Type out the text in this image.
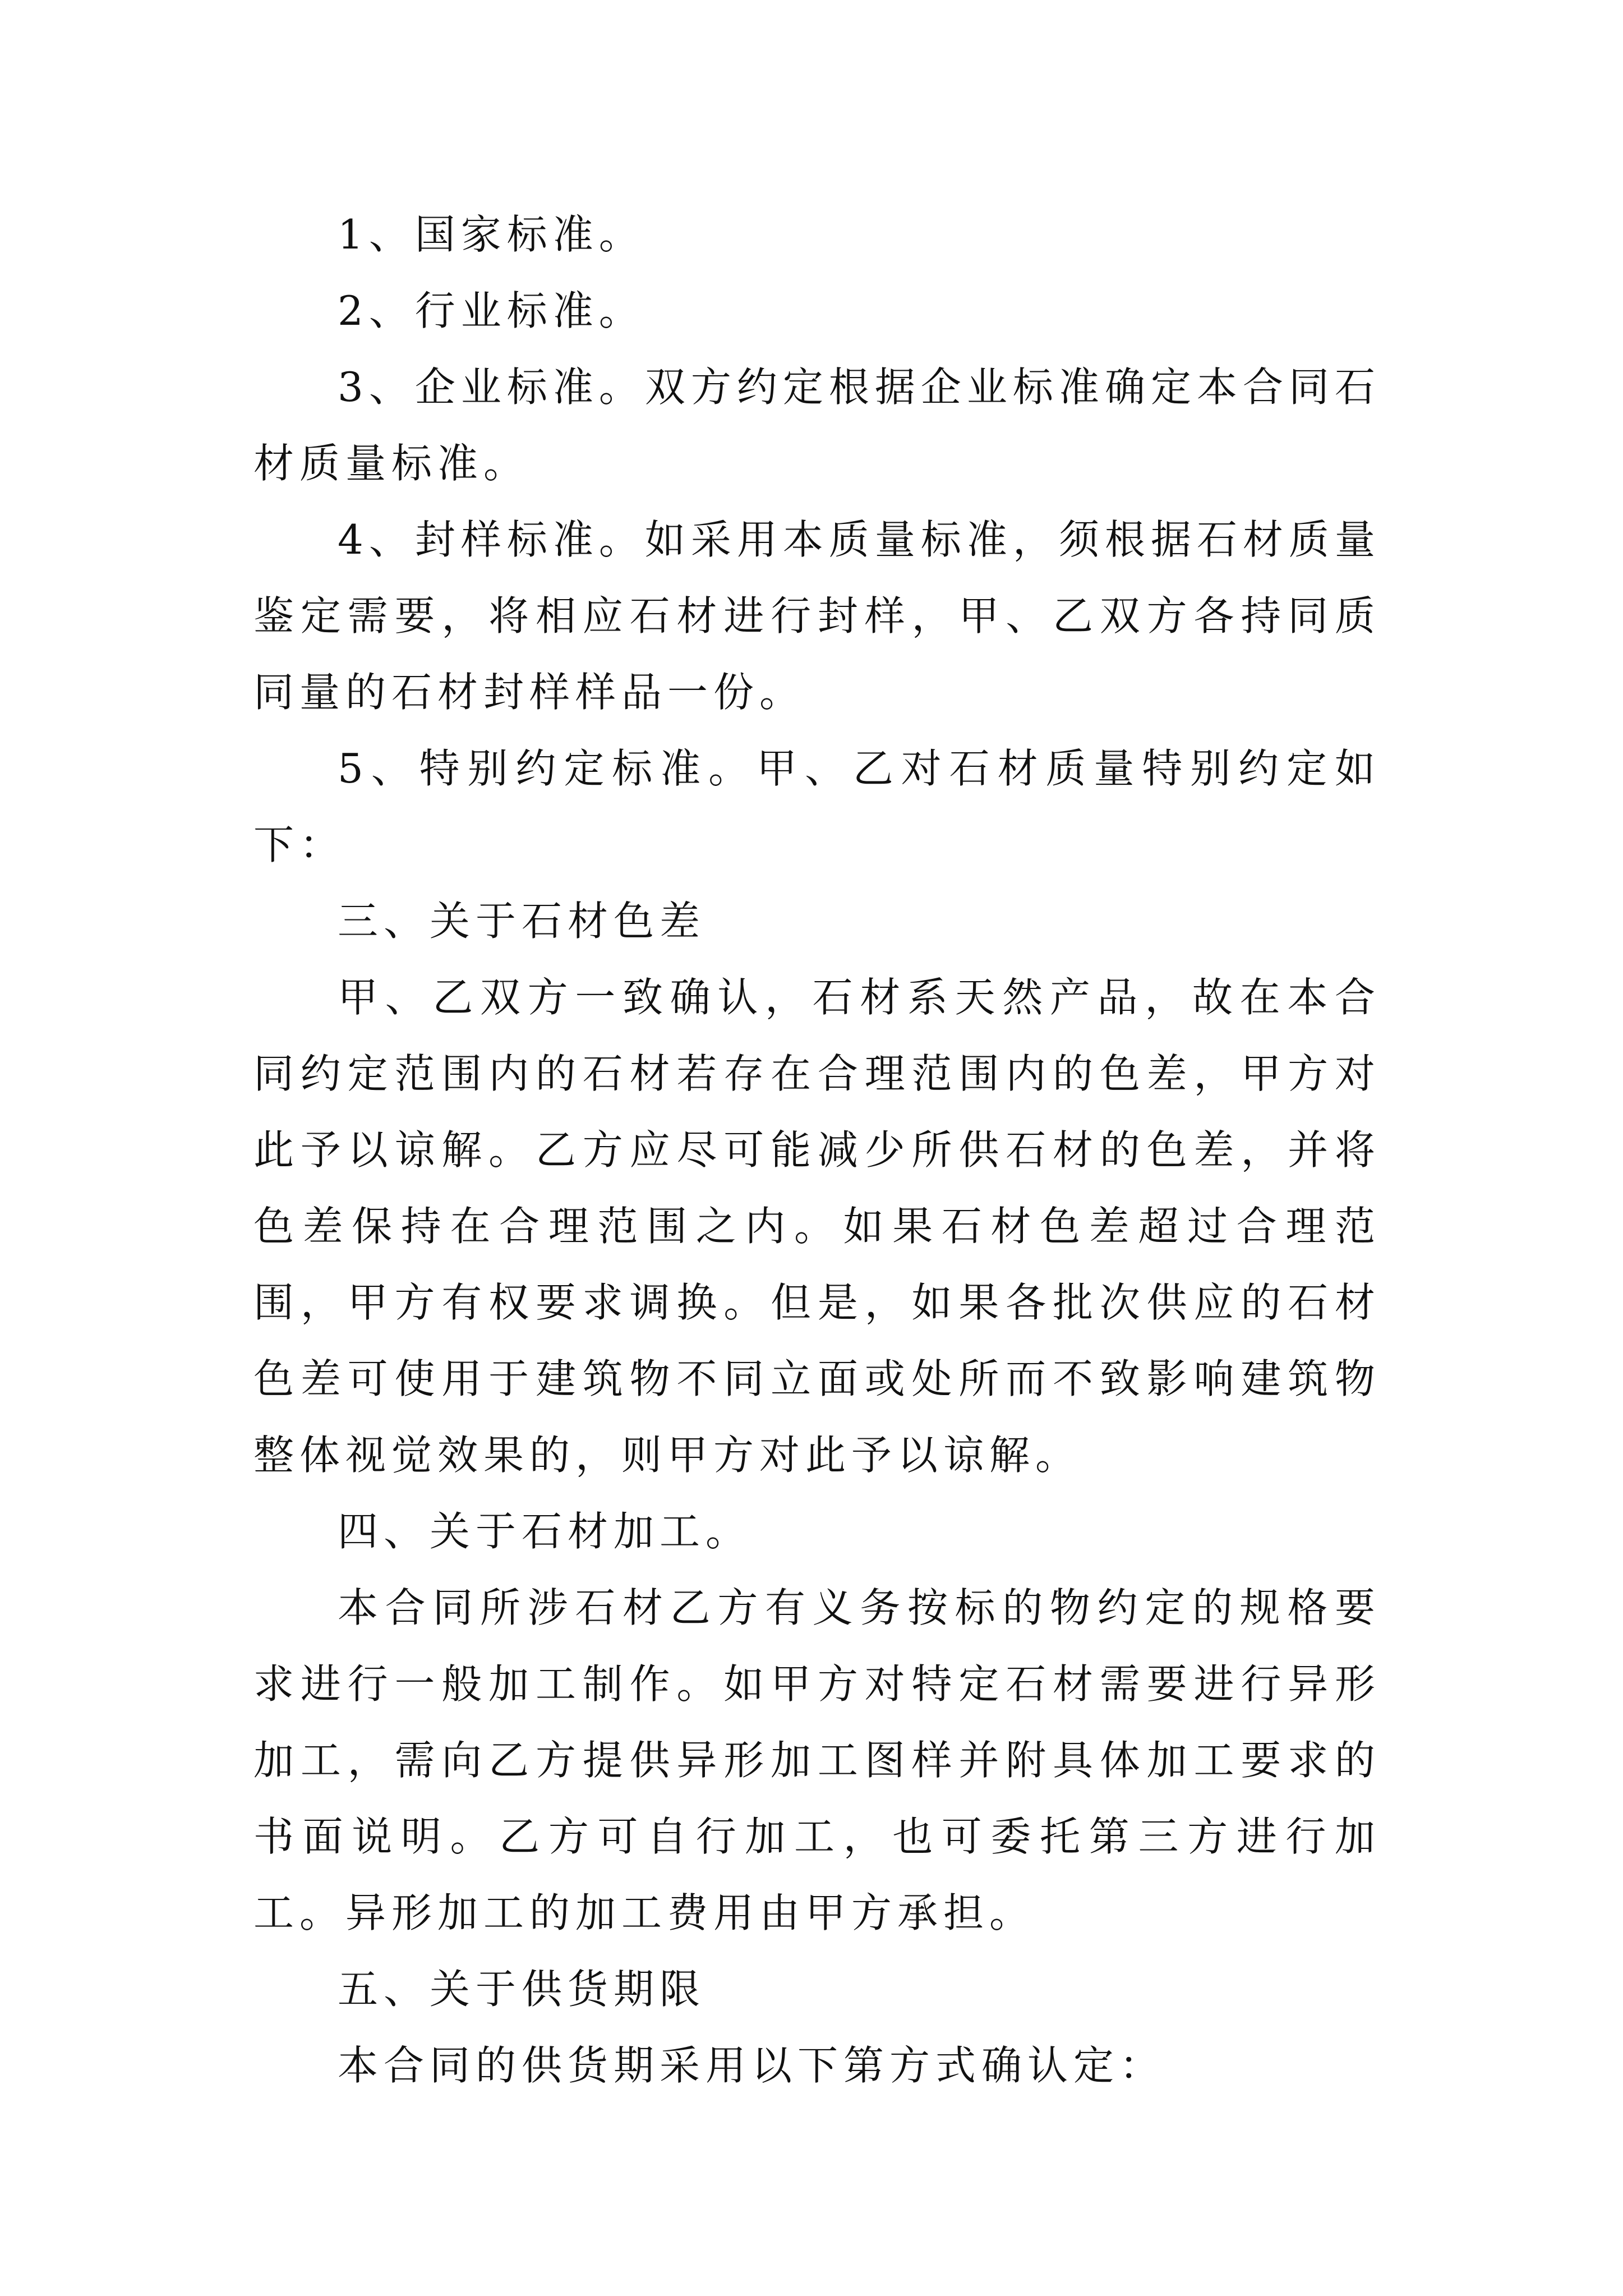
1、国家标准。

2、行业标准。

3、企业标准。双方约定根据企业标准确定本合同石材质量标准。

4、封样标准。如采用本质量标准，须根据石材质量鉴定需要，将相应石材进行封样，甲、乙双方各持同质同量的石材封样样品一份。

5、特别约定标准。甲、乙对石材质量特别约定如下：

三、关于石材色差

甲、乙双方一致确认，石材系天然产品，故在本合同约定范围内的石材若存在合理范围内的色差，甲方对此予以谅解。乙方应尽可能减少所供石材的色差，并将色差保持在合理范围之内。如果石材色差超过合理范围，甲方有权要求调换。但是，如果各批次供应的石材色差可使用于建筑物不同立面或处所而不致影响建筑物整体视觉效果的，则甲方对此予以谅解。

四、关于石材加工。

本合同所涉石材乙方有义务按标的物约定的规格要求进行一般加工制作。如甲方对特定石材需要进行异形加工，需向乙方提供异形加工图样并附具体加工要求的书面说明。乙方可自行加工，也可委托第三方进行加工。异形加工的加工费用由甲方承担。

五、关于供货期限

本合同的供货期采用以下第方式确认定：
